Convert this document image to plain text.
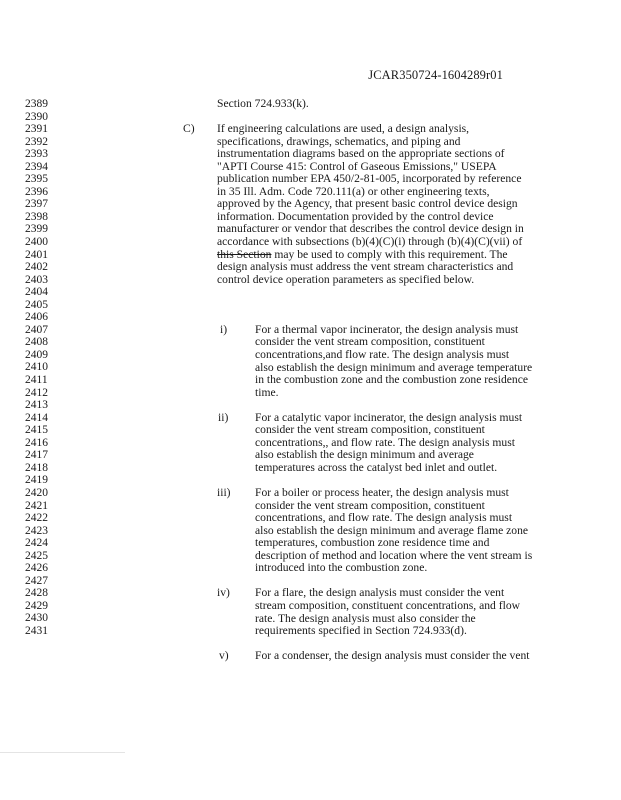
JCAR350724-1604289r01
2389
2390
2391
2392
2393
2394
2395
2396
2397
2398
2399
2400
2401
2402
2403
2404
2405
2406
2407
2408
2409
2410
2411
2412
2413
2414
2415
2416
2417
2418
2419
2420
2421
2422
2423
2424
2425
2426
2427
2428
2429
2430
2431
Section 724.933(k).
C) If engineering calculations are used, a design analysis,
specifications, drawings, schematics, and piping and
instrumentation diagrams based on the appropriate sections of
"APTI Course 415: Control of Gaseous Emissions," USEPA
publication number EPA 450/2-81-005, incorporated by reference
in 35 Ill. Adm. Code 720.111(a) or other engineering texts,
approved by the Agency, that present basic control device design
information. Documentation provided by the control device
manufacturer or vendor that describes the control device design in
accordance with subsections (b)(4)(C)(i) through (b)(4)(C)(vii) of
this Section may be used to comply with this requirement. The
design analysis must address the vent stream characteristics and
control device operation parameters as specified below.
i) For a thermal vapor incinerator, the design analysis must
consider the vent stream composition, constituent
concentrations,and flow rate. The design analysis must
also establish the design minimum and average temperature
in the combustion zone and the combustion zone residence
time.
ii) For a catalytic vapor incinerator, the design analysis must
consider the vent stream composition, constituent
concentrations,, and flow rate. The design analysis must
also establish the design minimum and average
temperatures across the catalyst bed inlet and outlet.
iii) For a boiler or process heater, the design analysis must
consider the vent stream composition, constituent
concentrations, and flow rate. The design analysis must
also establish the design minimum and average flame zone
temperatures, combustion zone residence time and
description of method and location where the vent stream is
introduced into the combustion zone.
iv) For a flare, the design analysis must consider the vent
stream composition, constituent concentrations, and flow
rate. The design analysis must also consider the
requirements specified in Section 724.933(d).
v) For a condenser, the design analysis must consider the vent
